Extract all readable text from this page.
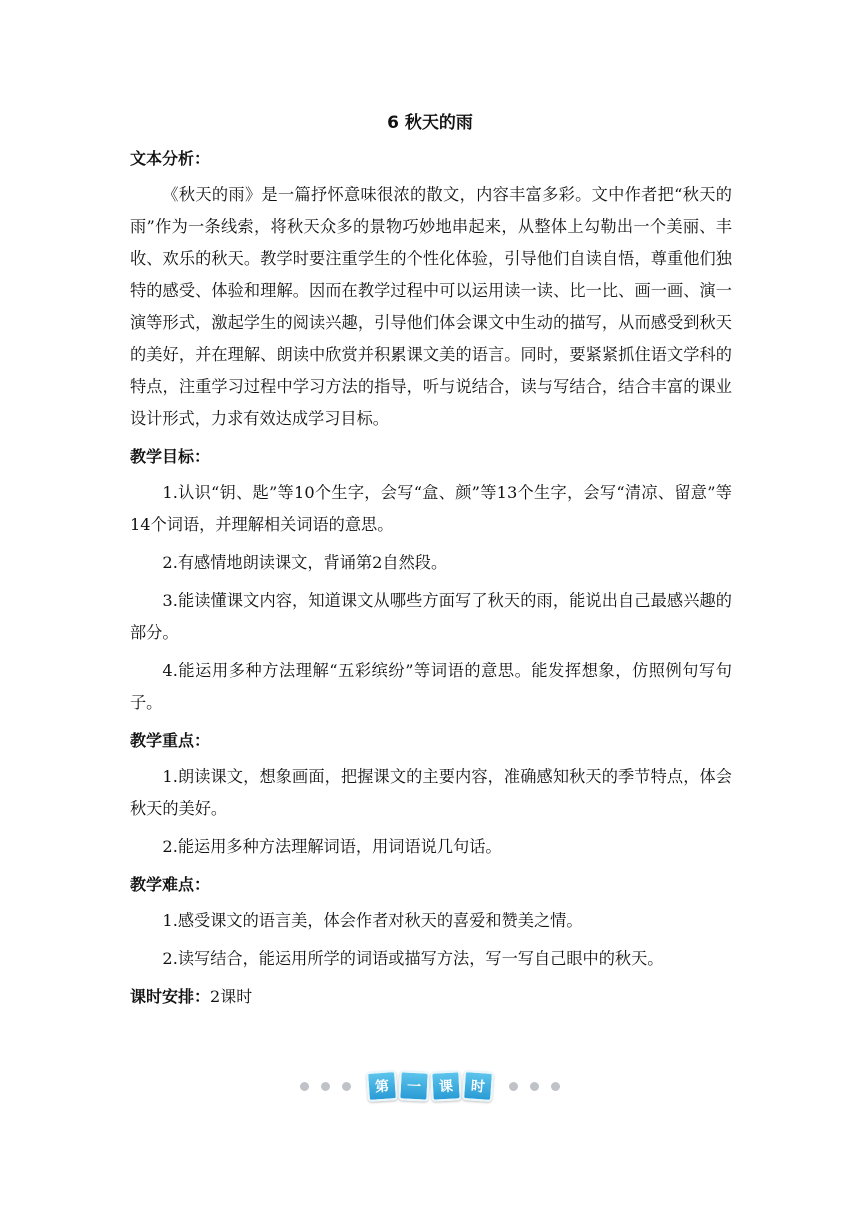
6 秋天的雨
文本分析：

《秋天的雨》是一篇抒怀意味很浓的散文，内容丰富多彩。文中作者把“秋天的雨”作为一条线索，将秋天众多的景物巧妙地串起来，从整体上勾勒出一个美丽、丰收、欢乐的秋天。教学时要注重学生的个性化体验，引导他们自读自悟，尊重他们独特的感受、体验和理解。因而在教学过程中可以运用读一读、比一比、画一画、演一演等形式，激起学生的阅读兴趣，引导他们体会课文中生动的描写，从而感受到秋天的美好，并在理解、朗读中欣赏并积累课文美的语言。同时，要紧紧抓住语文学科的特点，注重学习过程中学习方法的指导，听与说结合，读与写结合，结合丰富的课业设计形式，力求有效达成学习目标。

教学目标：

1.认识“钥、匙”等10个生字，会写“盒、颜”等13个生字，会写“清凉、留意”等14个词语，并理解相关词语的意思。

2.有感情地朗读课文，背诵第2自然段。

3.能读懂课文内容，知道课文从哪些方面写了秋天的雨，能说出自己最感兴趣的部分。

4.能运用多种方法理解“五彩缤纷”等词语的意思。能发挥想象，仿照例句写句子。

教学重点：

1.朗读课文，想象画面，把握课文的主要内容，准确感知秋天的季节特点，体会秋天的美好。

2.能运用多种方法理解词语，用词语说几句话。

教学难点：

1.感受课文的语言美，体会作者对秋天的喜爱和赞美之情。

2.读写结合，能运用所学的词语或描写方法，写一写自己眼中的秋天。

课时安排：2课时
第	一	课	时
